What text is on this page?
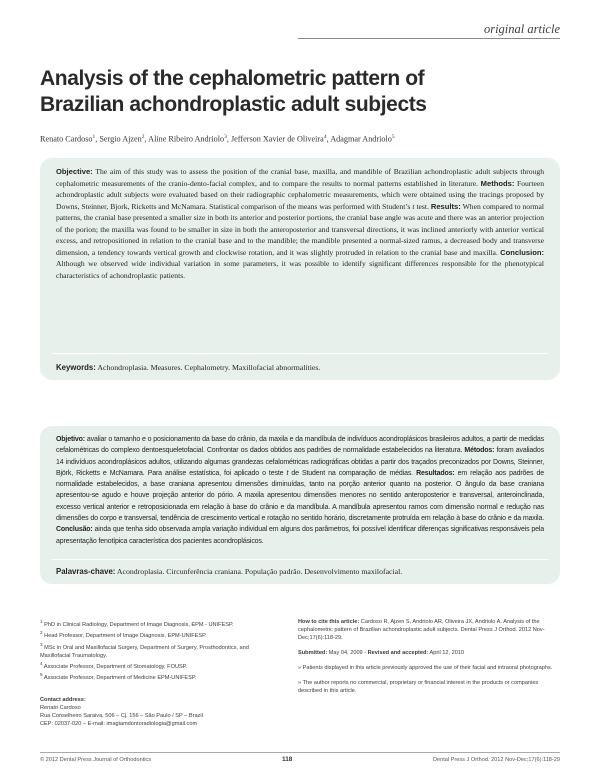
original article
Analysis of the cephalometric pattern of Brazilian achondroplastic adult subjects
Renato Cardoso$^1$, Sergio Ajzen$^2$, Aline Ribeiro Andriolo$^3$, Jefferson Xavier de Oliveira$^4$, Adagmar Andriolo$^5$

Objective: The aim of this study was to assess the position of the cranial base, maxilla, and mandible of Brazilian achondroplastic adult subjects through cephalometric measurements of the cranio-dento-facial complex, and to compare the results to normal patterns established in literature. Methods: Fourteen achondroplastic adult subjects were evaluated based on their radiographic cephalometric measurements, which were obtained using the tracings proposed by Downs, Steinner, Bjork, Ricketts and McNamara. Statistical comparison of the means was performed with Student’s t test. Results: When compared to normal patterns, the cranial base presented a smaller size in both its anterior and posterior portions, the cranial base angle was acute and there was an anterior projection of the porion; the maxilla was found to be smaller in size in both the anteroposterior and transversal directions, it was inclined anteriorly with anterior vertical excess, and retropositioned in relation to the cranial base and to the mandible; the mandible presented a normal-sized ramus, a decreased body and transverse dimension, a tendency towards vertical growth and clockwise rotation, and it was slightly protruded in relation to the cranial base and maxilla. Conclusion: Although we observed wide individual variation in some parameters, it was possible to identify significant differences responsible for the phenotypical characteristics of achondroplastic patients.

Keywords: Achondroplasia. Measures. Cephalometry. Maxillofacial abnormalities.

Objetivo: avaliar o tamanho e o posicionamento da base do crânio, da maxila e da mandíbula de indivíduos acondroplásicos brasileiros adultos, a partir de medidas cefalométricas do complexo dentoesqueletofacial. Confrontar os dados obtidos aos padrões de normalidade estabelecidos na literatura. Métodos: foram avaliados 14 indivíduos acondroplásicos adultos, utilizando algumas grandezas cefalométricas radiográficas obtidas a partir dos traçados preconizados por Downs, Steinner, Björk, Ricketts e McNamara. Para análise estatística, foi aplicado o teste t de Student na comparação de médias. Resultados: em relação aos padrões de normalidade estabelecidos, a base craniana apresentou dimensões diminuídas, tanto na porção anterior quanto na posterior. O ângulo da base craniana apresentou-se agudo e houve projeção anterior do pório. A maxila apresentou dimensões menores no sentido anteroposterior e transversal, anteroinclinada, excesso vertical anterior e retroposicionada em relação à base do crânio e da mandíbula. A mandíbula apresentou ramos com dimensão normal e redução nas dimensões do corpo e transversal, tendência de crescimento vertical e rotação no sentido horário, discretamente protruída em relação à base do crânio e da maxila. Conclusão: ainda que tenha sido observada ampla variação individual em alguns dos parâmetros, foi possível identificar diferenças significativas responsáveis pela apresentação fenotípica característica dos pacientes acondroplásicos.

Palavras-chave: Acondroplasia. Circunferência craniana. População padrão. Desenvolvimento maxilofacial.
$^1$ PhD in Clinical Radiology, Department of Image Diagnosis, EPM - UNIFESP.
$^2$ Head Professor, Department of Image Diagnosis, EPM-UNIFESP.
$^3$ MSc in Oral and Maxillofacial Surgery, Department of Surgery, Prosthodontics, and Maxillofacial Traumatology.
$^4$ Associate Professor, Department of Stomatology, FOUSP.
$^5$ Associate Professor, Department of Medicine EPM-UNIFESP.
Contact address:
Renato Cardoso
Rua Conselheiro Saraiva, 506 – Cj. 156 – São Paulo / SP – Brazil
CEP: 02037-020 – E-mail: imagiamdontoradiologia@gmail.com
How to cite this article: Cardoso R, Ajzen S, Andriolo AR, Oliveira JX, Andriolo A. Analysis of the cephalometric pattern of Brazilian achondroplastic adult subjects. Dental Press J Orthod. 2012 Nov-Dec;17(6):118-29.
Submitted: May 04, 2009 - Revised and accepted: April 12, 2010
» Patients displayed in this article previously approved the use of their facial and intraoral photographs.
» The author reports no commercial, proprietary or financial interest in the products or companies described in this article.
© 2012 Dental Press Journal of Orthodontics	118	Dental Press J Orthod. 2012 Nov-Dec;17(6):118-29
